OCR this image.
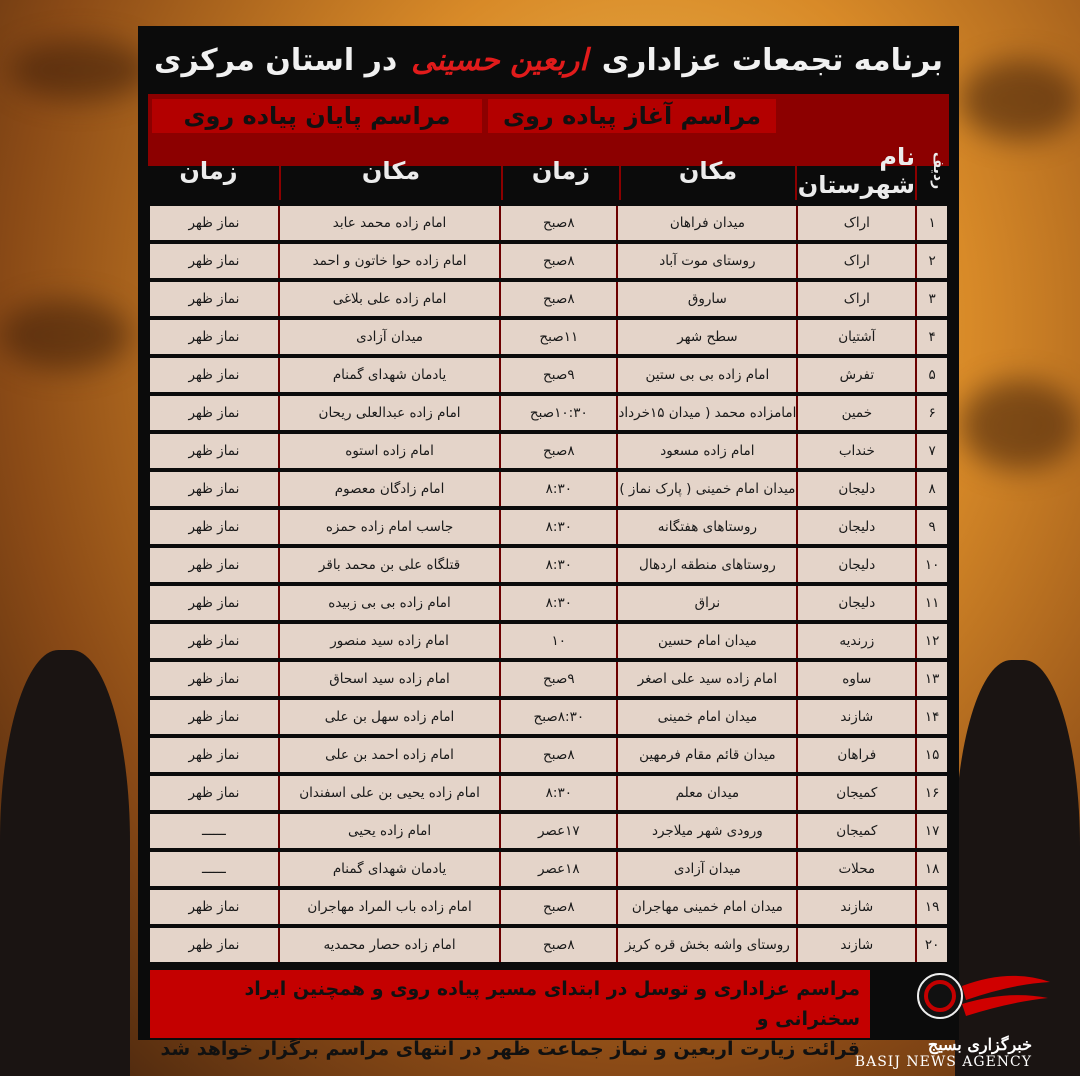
برنامه تجمعات عزاداری
اربعین حسینی
در استان مرکزی
مراسم آغاز پیاده روی
مراسم پایان پیاده روی
ردیف
نام شهرستان
مکان
زمان
مکان
زمان
۱	اراک	میدان فراهان	۸صبح	امام زاده محمد عابد	نماز ظهر
۲	اراک	روستای موت آباد	۸صبح	امام زاده حوا خاتون و احمد	نماز ظهر
۳	اراک	ساروق	۸صبح	امام زاده علی بلاغی	نماز ظهر
۴	آشتیان	سطح شهر	۱۱صبح	میدان آزادی	نماز ظهر
۵	تفرش	امام زاده بی بی ستین	۹صبح	یادمان شهدای گمنام	نماز ظهر
۶	خمین	امامزاده محمد ( میدان ۱۵خرداد	۱۰:۳۰صبح	امام زاده عبدالعلی ریحان	نماز ظهر
۷	خنداب	امام زاده مسعود	۸صبح	امام زاده استوه	نماز ظهر
۸	دلیجان	میدان امام خمینی ( پارک نماز )	۸:۳۰	امام زادگان معصوم	نماز ظهر
۹	دلیجان	روستاهای هفتگانه	۸:۳۰	جاسب امام زاده حمزه	نماز ظهر
۱۰	دلیجان	روستاهای منطقه اردهال	۸:۳۰	قتلگاه علی بن محمد باقر	نماز ظهر
۱۱	دلیجان	نراق	۸:۳۰	امام زاده بی بی زبیده	نماز ظهر
۱۲	زرندیه	میدان امام حسین	۱۰	امام زاده سید منصور	نماز ظهر
۱۳	ساوه	امام زاده سید علی اصغر	۹صبح	امام زاده سید اسحاق	نماز ظهر
۱۴	شازند	میدان امام خمینی	۸:۳۰صبح	امام زاده سهل بن علی	نماز ظهر
۱۵	فراهان	میدان قائم مقام فرمهین	۸صبح	امام زاده احمد بن علی	نماز ظهر
۱۶	کمیجان	میدان معلم	۸:۳۰	امام زاده یحیی بن علی اسفندان	نماز ظهر
۱۷	کمیجان	ورودی شهر میلاجرد	۱۷عصر	امام زاده یحیی	ــــــ
۱۸	محلات	میدان آزادی	۱۸عصر	یادمان شهدای گمنام	ــــــ
۱۹	شازند	میدان امام خمینی مهاجران	۸صبح	امام زاده باب المراد مهاجران	نماز ظهر
۲۰	شازند	روستای واشه بخش قره کریز	۸صبح	امام زاده حصار محمدیه	نماز ظهر
مراسم عزاداری و توسل در ابتدای مسیر پیاده روی و همچنین ایراد سخنرانی و
قرائت زیارت اربعین و نماز جماعت ظهر در انتهای مراسم برگزار خواهد شد	خبرگزاری بسیج
BASIJ NEWS AGENCY
